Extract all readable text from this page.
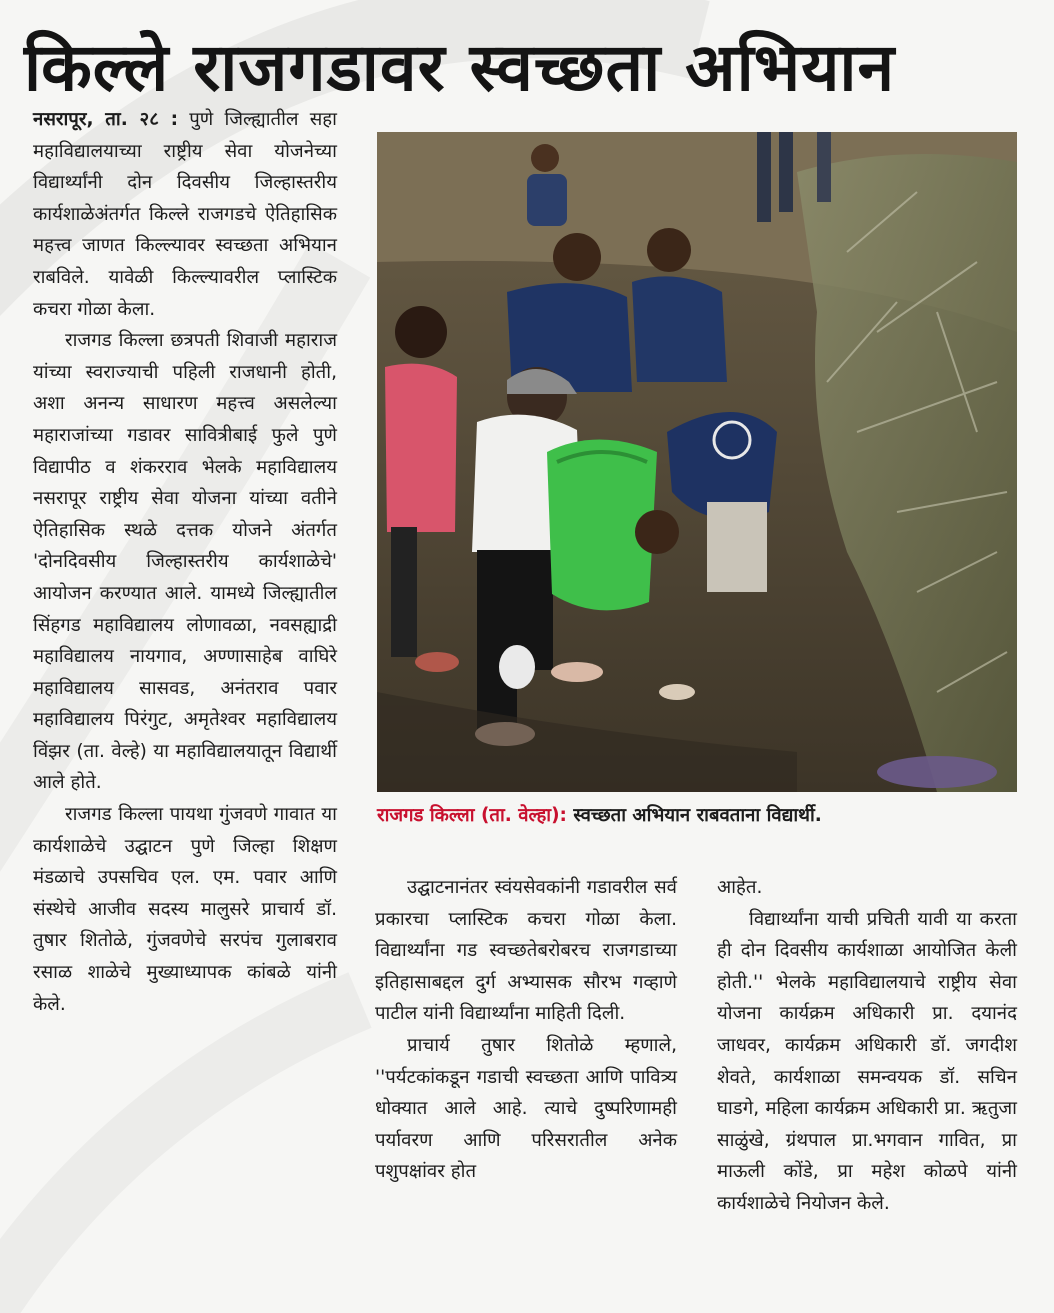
किल्ले राजगडावर स्वच्छता अभियान

नसरापूर, ता. २८ : पुणे जिल्ह्यातील सहा महाविद्यालयाच्या राष्ट्रीय सेवा योजनेच्या विद्यार्थ्यांनी दोन दिवसीय जिल्हास्तरीय कार्यशाळेअंतर्गत किल्ले राजगडचे ऐतिहासिक महत्त्व जाणत किल्ल्यावर स्वच्छता अभियान राबविले. यावेळी किल्ल्यावरील प्लास्टिक कचरा गोळा केला.

राजगड किल्ला छत्रपती शिवाजी महाराज यांच्या स्वराज्याची पहिली राजधानी होती, अशा अनन्य साधारण महत्त्व असलेल्या महाराजांच्या गडावर सावित्रीबाई फुले पुणे विद्यापीठ व शंकरराव भेलके महाविद्यालय नसरापूर राष्ट्रीय सेवा योजना यांच्या वतीने ऐतिहासिक स्थळे दत्तक योजने अंतर्गत 'दोनदिवसीय जिल्हास्तरीय कार्यशाळेचे' आयोजन करण्यात आले. यामध्ये जिल्ह्यातील सिंहगड महाविद्यालय लोणावळा, नवसह्याद्री महाविद्यालय नायगाव, अण्णासाहेब वाघिरे महाविद्यालय सासवड, अनंतराव पवार महाविद्यालय पिरंगुट, अमृतेश्वर महाविद्यालय विंझर (ता. वेल्हे) या महाविद्यालयातून विद्यार्थी आले होते.

राजगड किल्ला पायथा गुंजवणे गावात या कार्यशाळेचे उद्घाटन पुणे जिल्हा शिक्षण मंडळाचे उपसचिव एल. एम. पवार आणि संस्थेचे आजीव सदस्य मालुसरे प्राचार्य डॉ. तुषार शितोळे, गुंजवणेचे सरपंच गुलाबराव रसाळ शाळेचे मुख्याध्यापक कांबळे यांनी केले.

राजगड किल्ला (ता. वेल्हा): स्वच्छता अभियान राबवताना विद्यार्थी.

उद्घाटनानंतर स्वंयसेवकांनी गडावरील सर्व प्रकारचा प्लास्टिक कचरा गोळा केला. विद्यार्थ्यांना गड स्वच्छतेबरोबरच राजगडाच्या इतिहासाबद्दल दुर्ग अभ्यासक सौरभ गव्हाणे पाटील यांनी विद्यार्थ्यांना माहिती दिली.

प्राचार्य तुषार शितोळे म्हणाले, ''पर्यटकांकडून गडाची स्वच्छता आणि पावित्र्य धोक्यात आले आहे. त्याचे दुष्परिणामही पर्यावरण आणि परिसरातील अनेक पशुपक्षांवर होत

आहेत.

विद्यार्थ्यांना याची प्रचिती यावी या करता ही दोन दिवसीय कार्यशाळा आयोजित केली होती.'' भेलके महाविद्यालयाचे राष्ट्रीय सेवा योजना कार्यक्रम अधिकारी प्रा. दयानंद जाधवर, कार्यक्रम अधिकारी डॉ. जगदीश शेवते, कार्यशाळा समन्वयक डॉ. सचिन घाडगे, महिला कार्यक्रम अधिकारी प्रा. ऋतुजा साळुंखे, ग्रंथपाल प्रा.भगवान गावित, प्रा माऊली कोंडे, प्रा महेश कोळपे यांनी कार्यशाळेचे नियोजन केले.
